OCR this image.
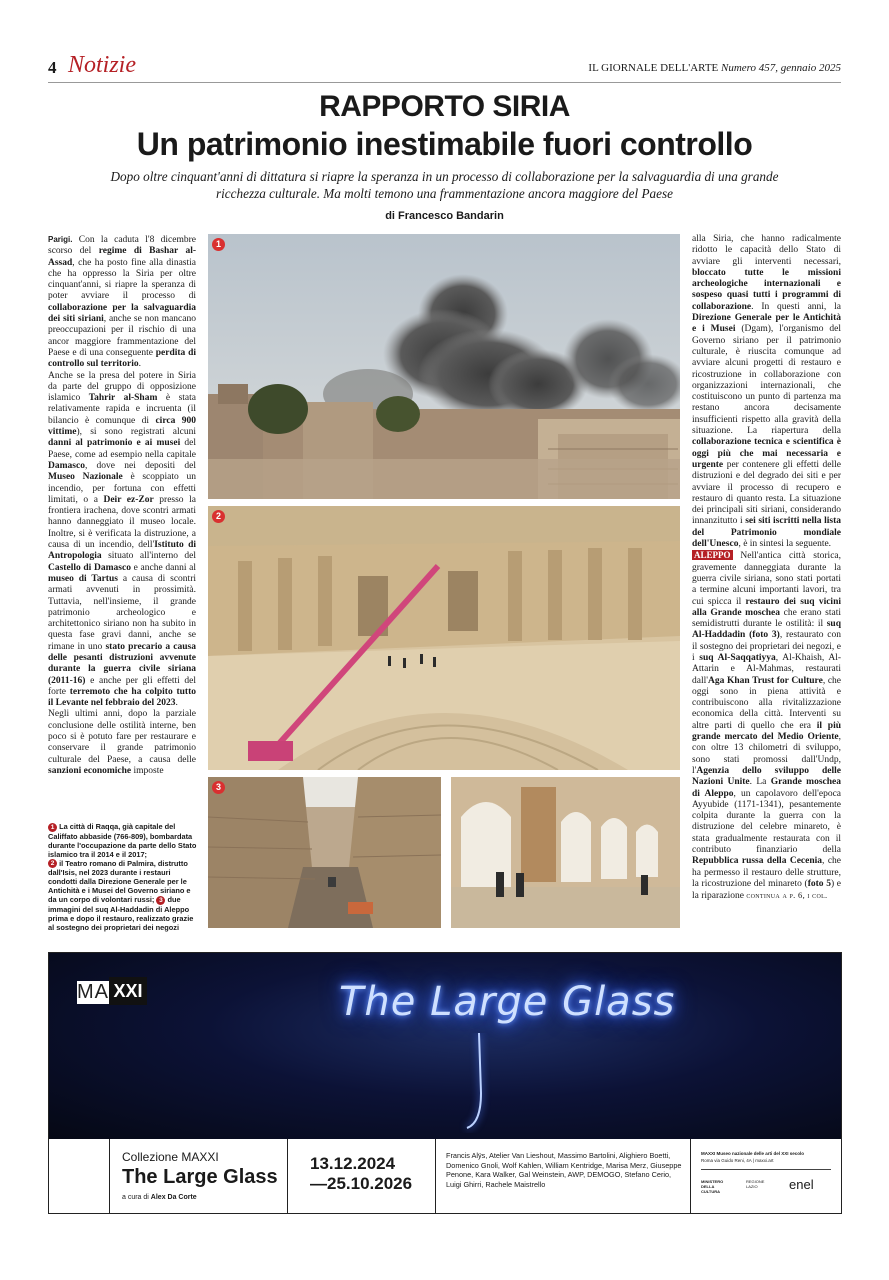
4 Notizie	IL GIORNALE DELL'ARTE Numero 457, gennaio 2025
RAPPORTO SIRIA
Un patrimonio inestimabile fuori controllo
Dopo oltre cinquant'anni di dittatura si riapre la speranza in un processo di collaborazione per la salvaguardia di una grande ricchezza culturale. Ma molti temono una frammentazione ancora maggiore del Paese
di Francesco Bandarin
Parigi. Con la caduta l'8 dicembre scorso del regime di Bashar al-Assad, che ha posto fine alla dinastia che ha oppresso la Siria per oltre cinquant'anni, si riapre la speranza di poter avviare il processo di collaborazione per la salvaguardia dei siti siriani, anche se non mancano preoccupazioni per il rischio di una ancor maggiore frammentazione del Paese e di una conseguente perdita di controllo sul territorio.
Anche se la presa del potere in Siria da parte del gruppo di opposizione islamico Tahrir al-Sham è stata relativamente rapida e incruenta (il bilancio è comunque di circa 900 vittime), si sono registrati alcuni danni al patrimonio e ai musei del Paese, come ad esempio nella capitale Damasco, dove nei depositi del Museo Nazionale è scoppiato un incendio, per fortuna con effetti limitati, o a Deir ez-Zor presso la frontiera irachena, dove scontri armati hanno danneggiato il museo locale. Inoltre, si è verificata la distruzione, a causa di un incendio, dell'Istituto di Antropologia situato all'interno del Castello di Damasco e anche danni al museo di Tartus a causa di scontri armati avvenuti in prossimità. Tuttavia, nell'insieme, il grande patrimonio archeologico e architettonico siriano non ha subito in questa fase gravi danni, anche se rimane in uno stato precario a causa delle pesanti distruzioni avvenute durante la guerra civile siriana (2011-16) e anche per gli effetti del forte terremoto che ha colpito tutto il Levante nel febbraio del 2023.
Negli ultimi anni, dopo la parziale conclusione delle ostilità interne, ben poco si è potuto fare per restaurare e conservare il grande patrimonio culturale del Paese, a causa delle sanzioni economiche imposte
1 La città di Raqqa, già capitale del Califfato abbaside (766-809), bombardata durante l'occupazione da parte dello Stato islamico tra il 2014 e il 2017;
2 il Teatro romano di Palmira, distrutto dall'Isis, nel 2023 durante i restauri condotti dalla Direzione Generale per le Antichità e i Musei del Governo siriano e da un corpo di volontari russi; 3 due immagini del suq Al-Haddadin di Aleppo prima e dopo il restauro, realizzato grazie al sostegno dei proprietari dei negozi
1
2
3
alla Siria, che hanno radicalmente ridotto le capacità dello Stato di avviare gli interventi necessari, bloccato tutte le missioni archeologiche internazionali e sospeso quasi tutti i programmi di collaborazione. In questi anni, la Direzione Generale per le Antichità e i Musei (Dgam), l'organismo del Governo siriano per il patrimonio culturale, è riuscita comunque ad avviare alcuni progetti di restauro e ricostruzione in collaborazione con organizzazioni internazionali, che costituiscono un punto di partenza ma restano ancora decisamente insufficienti rispetto alla gravità della situazione. La riapertura della collaborazione tecnica e scientifica è oggi più che mai necessaria e urgente per contenere gli effetti delle distruzioni e del degrado dei siti e per avviare il processo di recupero e restauro di quanto resta. La situazione dei principali siti siriani, considerando innanzitutto i sei siti iscritti nella lista del Patrimonio mondiale dell'Unesco, è in sintesi la seguente.
ALEPPO Nell'antica città storica, gravemente danneggiata durante la guerra civile siriana, sono stati portati a termine alcuni importanti lavori, tra cui spicca il restauro dei suq vicini alla Grande moschea che erano stati semidistrutti durante le ostilità: il suq Al-Haddadin (foto 3), restaurato con il sostegno dei proprietari dei negozi, e i suq Al-Saqqatiyya, Al-Khaish, Al-Attarin e Al-Mahmas, restaurati dall'Aga Khan Trust for Culture, che oggi sono in piena attività e contribuiscono alla rivitalizzazione economica della città. Interventi su altre parti di quello che era il più grande mercato del Medio Oriente, con oltre 13 chilometri di sviluppo, sono stati promossi dall'Undp, l'Agenzia dello sviluppo delle Nazioni Unite. La Grande moschea di Aleppo, un capolavoro dell'epoca Ayyubide (1171-1341), pesantemente colpita durante la guerra con la distruzione del celebre minareto, è stata gradualmente restaurata con il contributo finanziario della Repubblica russa della Cecenia, che ha permesso il restauro delle strutture, la ricostruzione del minareto (foto 5) e la riparazione continua a p. 6, i col.
MA XXI	The Large Glass
Collezione MAXXI
The Large Glass
a cura di Alex Da Corte
13.12.2024
—25.10.2026
Francis Alÿs, Atelier Van Lieshout, Massimo Bartolini, Alighiero Boetti, Domenico Gnoli, Wolf Kahlen, William Kentridge, Marisa Merz, Giuseppe Penone, Kara Walker, Gal Weinstein, AWP, DEMOGO, Stefano Cerio, Luigi Ghirri, Rachele Maistrello
MAXXI Museo nazionale delle arti del XXI secolo
Roma via Guido Reni, 4A | maxxi.art
MINISTERO DELLA CULTURA
REGIONE LAZIO	enel
